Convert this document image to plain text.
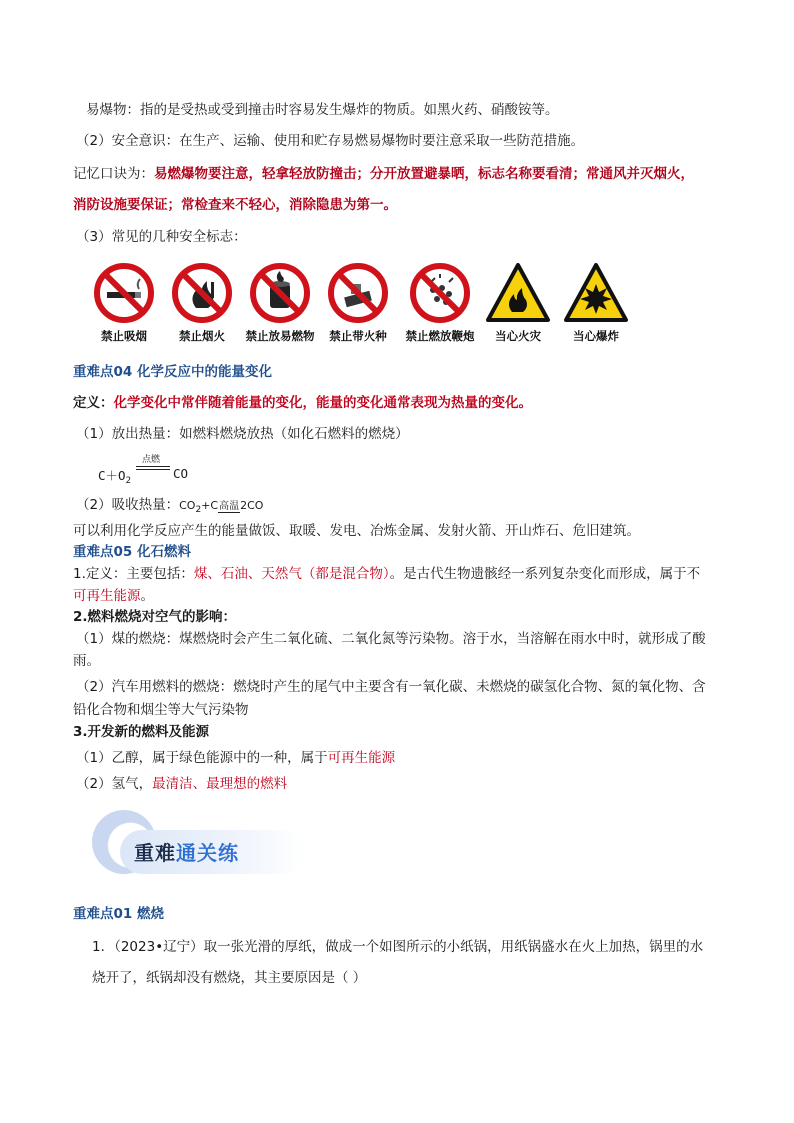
易爆物：指的是受热或受到撞击时容易发生爆炸的物质。如黑火药、硝酸铵等。
（2）安全意识：在生产、运输、使用和贮存易燃易爆物时要注意采取一些防范措施。
记忆口诀为：易燃爆物要注意，轻拿轻放防撞击；分开放置避暴晒，标志名称要看清；常通风并灭烟火，
消防设施要保证；常检查来不轻心，消除隐患为第一。
（3）常见的几种安全标志：
禁止吸烟	禁止烟火	禁止放易燃物	禁止带火种	禁止燃放鞭炮	当心火灾	当心爆炸
重难点04 化学反应中的能量变化
定义：化学变化中常伴随着能量的变化，能量的变化通常表现为热量的变化。
（1）放出热量：如燃料燃烧放热（如化石燃料的燃烧）
点燃
$C+O_2$	CO
（2）吸收热量：$CO_2+C$高温2CO
可以利用化学反应产生的能量做饭、取暖、发电、冶炼金属、发射火箭、开山炸石、危旧建筑。
重难点05 化石燃料
1.定义：主要包括：煤、石油、天然气（都是混合物）。是古代生物遗骸经一系列复杂变化而形成，属于不
可再生能源。
2.燃料燃烧对空气的影响：
（1）煤的燃烧：煤燃烧时会产生二氧化硫、二氧化氮等污染物。溶于水，当溶解在雨水中时，就形成了酸
雨。
（2）汽车用燃料的燃烧：燃烧时产生的尾气中主要含有一氧化碳、未燃烧的碳氢化合物、氮的氧化物、含
铅化合物和烟尘等大气污染物
3.开发新的燃料及能源
（1）乙醇，属于绿色能源中的一种，属于可再生能源
（2）氢气，最清洁、最理想的燃料
重难通关练
重难点01 燃烧
1．（2023•辽宁）取一张光滑的厚纸，做成一个如图所示的小纸锅，用纸锅盛水在火上加热，锅里的水
烧开了，纸锅却没有燃烧，其主要原因是（ ）
